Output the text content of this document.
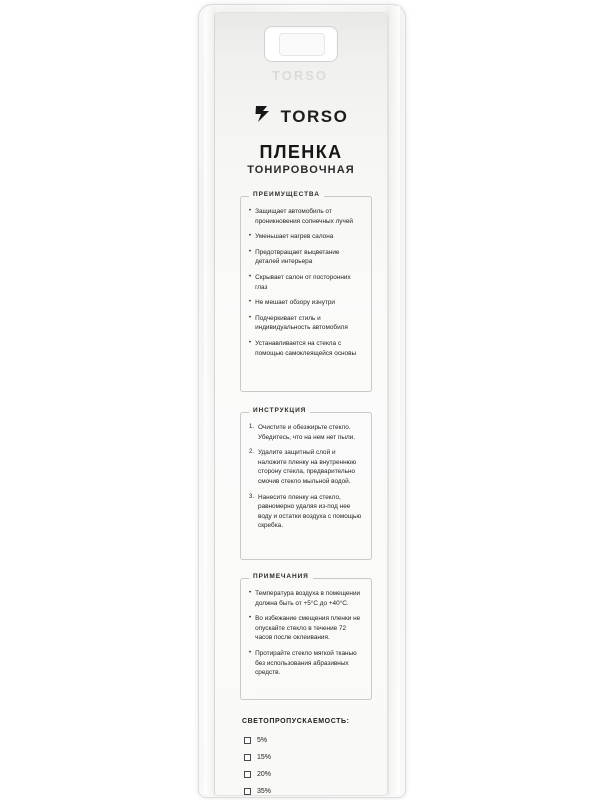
TORSO
TORSO
ПЛЕНКА
ТОНИРОВОЧНАЯ
ПРЕИМУЩЕСТВА
• Защищает автомобиль от проникновения солнечных лучей
• Уменьшает нагрев салона
• Предотвращает выцветание деталей интерьера
• Скрывает салон от посторонних глаз
• Не мешает обзору изнутри
• Подчеркивает стиль и индивидуальность автомобиля
• Устанавливается на стекла с помощью самоклеящейся основы
ИНСТРУКЦИЯ
1. Очистите и обезжирьте стекло. Убедитесь, что на нем нет пыли.
2. Удалите защитный слой и наложите пленку на внутреннюю сторону стекла, предварительно смочив стекло мыльной водой.
3. Нанесите пленку на стекло, равномерно удаляя из-под нее воду и остатки воздуха с помощью скребка.
ПРИМЕЧАНИЯ
• Температура воздуха в помещении должна быть от +5°С до +40°С.
• Во избежание смещения пленки не опускайте стекло в течение 72 часов после оклеивания.
• Протирайте стекло мягкой тканью без использования абразивных средств.
СВЕТОПРОПУСКАЕМОСТЬ:
5%
15%
20%
35%
